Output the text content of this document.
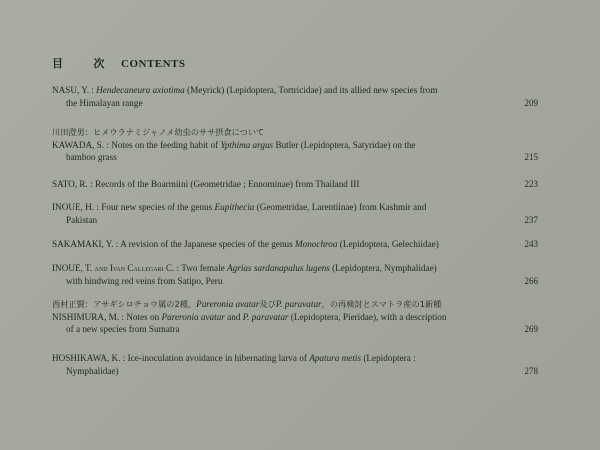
目	次 CONTENTS
NASU, Y. : Hendecaneura axiotima (Meyrick) (Lepidoptera, Tortricidae) and its allied new species from
the Himalayan range	209
川田澄男：ヒメウラナミジャノメ幼虫のササ摂食について
KAWADA, S. : Notes on the feeding habit of Ypthima argus Butler (Lepidoptera, Satyridae) on the
bamboo grass	215
SATO, R. : Records of the Boarmiini (Geometridae ; Ennominae) from Thailand III	223
INOUE, H. : Four new species of the genus Eupithecia (Geometridae, Larentiinae) from Kashmir and
Pakistan	237
SAKAMAKI, Y. : A revision of the Japanese species of the genus Monochroa (Lepidoptera, Gelechiidae)	243
INOUE, T. and Ivan Callegari C. : Two female Agrias sardanapalus lugens (Lepidoptera, Nymphalidae)
with hindwing red veins from Satipo, Peru	266
西村正賢：アサギシロチョウ属の2種，Pareronia avatar及びP. paravatar，の再検討とスマトラ産の1新種
NISHIMURA, M. : Notes on Pareronia avatar and P. paravatar (Lepidoptera, Pieridae), with a description
of a new species from Sumatra	269
HOSHIKAWA, K. : Ice-inoculation avoidance in hibernating larva of Apatura metis (Lepidoptera :
Nymphalidae)	278
